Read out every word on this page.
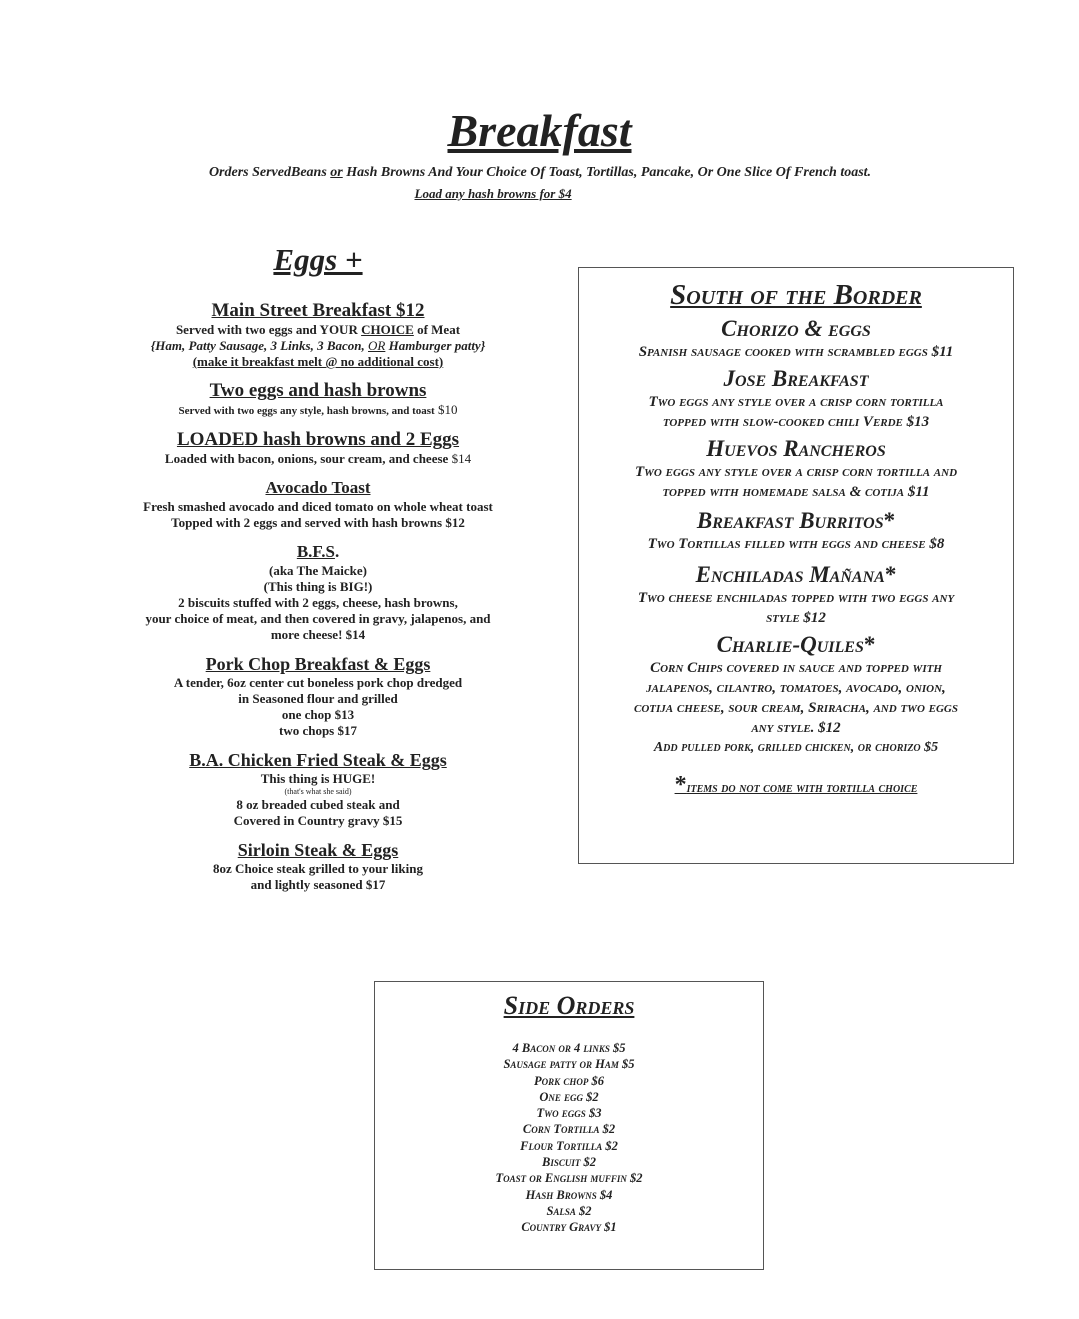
Breakfast
Orders ServedBeans or Hash Browns And Your Choice Of Toast, Tortillas, Pancake, Or One Slice Of French toast.
Load any hash browns for $4
Eggs +
Main Street Breakfast $12
Served with two eggs and YOUR CHOICE of Meat
{Ham, Patty Sausage, 3 Links, 3 Bacon, OR Hamburger patty}
(make it breakfast melt @ no additional cost)
Two eggs and hash browns
Served with two eggs any style, hash browns, and toast $10
LOADED hash browns and 2 Eggs
Loaded with bacon, onions, sour cream, and cheese $14
Avocado Toast
Fresh smashed avocado and diced tomato on whole wheat toast
Topped with 2 eggs and served with hash browns $12
B.F.S.
(aka The Maicke)
(This thing is BIG!)
2 biscuits stuffed with 2 eggs, cheese, hash browns,
your choice of meat, and then covered in gravy, jalapenos, and
more cheese! $14
Pork Chop Breakfast & Eggs
A tender, 6oz center cut boneless pork chop dredged
in Seasoned flour and grilled
one chop $13
two chops $17
B.A. Chicken Fried Steak & Eggs
This thing is HUGE!
(that's what she said)
8 oz breaded cubed steak and
Covered in Country gravy $15
Sirloin Steak & Eggs
8oz Choice steak grilled to your liking
and lightly seasoned $17
South of the Border
Chorizo & eggs
Spanish sausage cooked with scrambled eggs $11
Jose Breakfast
Two eggs any style over a crisp corn tortilla
topped with slow-cooked chili Verde $13
Huevos Rancheros
Two eggs any style over a crisp corn tortilla and
topped with homemade salsa & cotija $11
Breakfast Burritos*
Two Tortillas filled with eggs and cheese $8
Enchiladas Mañana*
Two cheese enchiladas topped with two eggs any
style $12
Charlie-Quiles*
Corn Chips covered in sauce and topped with
jalapenos, cilantro, tomatoes, avocado, onion,
cotija cheese, sour cream, Sriracha, and two eggs
any style. $12
Add pulled pork, grilled chicken, or chorizo $5
*items do not come with tortilla choice
Side Orders
4 Bacon or 4 links $5
Sausage patty or Ham $5
Pork chop $6
One egg $2
Two eggs $3
Corn Tortilla $2
Flour Tortilla $2
Biscuit $2
Toast or English muffin $2
Hash Browns $4
Salsa $2
Country Gravy $1
